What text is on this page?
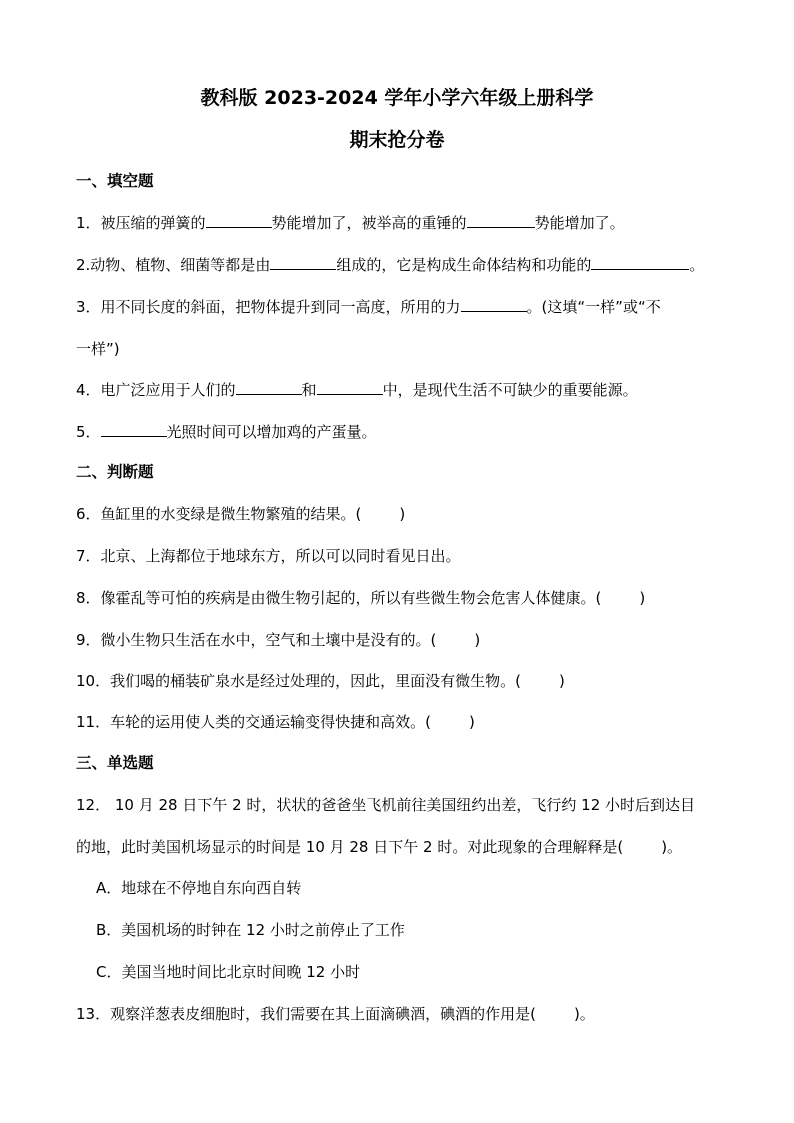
教科版 2023-2024 学年小学六年级上册科学
期末抢分卷
一、填空题
1．被压缩的弹簧的	势能增加了，被举高的重锤的	势能增加了。
2.动物、植物、细菌等都是由	组成的，它是构成生命体结构和功能的	。
3．用不同长度的斜面，把物体提升到同一高度，所用的力	。(这填“一样”或“不
一样”)
4．电广泛应用于人们的	和	中，是现代生活不可缺少的重要能源。
5．	光照时间可以增加鸡的产蛋量。
二、判断题
6．鱼缸里的水变绿是微生物繁殖的结果。(	)
7．北京、上海都位于地球东方，所以可以同时看见日出。
8．像霍乱等可怕的疾病是由微生物引起的，所以有些微生物会危害人体健康。(	)
9．微小生物只生活在水中，空气和土壤中是没有的。(	)
10．我们喝的桶装矿泉水是经过处理的，因此，里面没有微生物。(	)
11．车轮的运用使人类的交通运输变得快捷和高效。(	)
三、单选题
12． 10 月 28 日下午 2 时，状状的爸爸坐飞机前往美国纽约出差，飞行约 12 小时后到达目
的地，此时美国机场显示的时间是 10 月 28 日下午 2 时。对此现象的合理解释是(	)。
A．地球在不停地自东向西自转
B．美国机场的时钟在 12 小时之前停止了工作
C．美国当地时间比北京时间晚 12 小时
13．观察洋葱表皮细胞时，我们需要在其上面滴碘酒，碘酒的作用是(	)。
